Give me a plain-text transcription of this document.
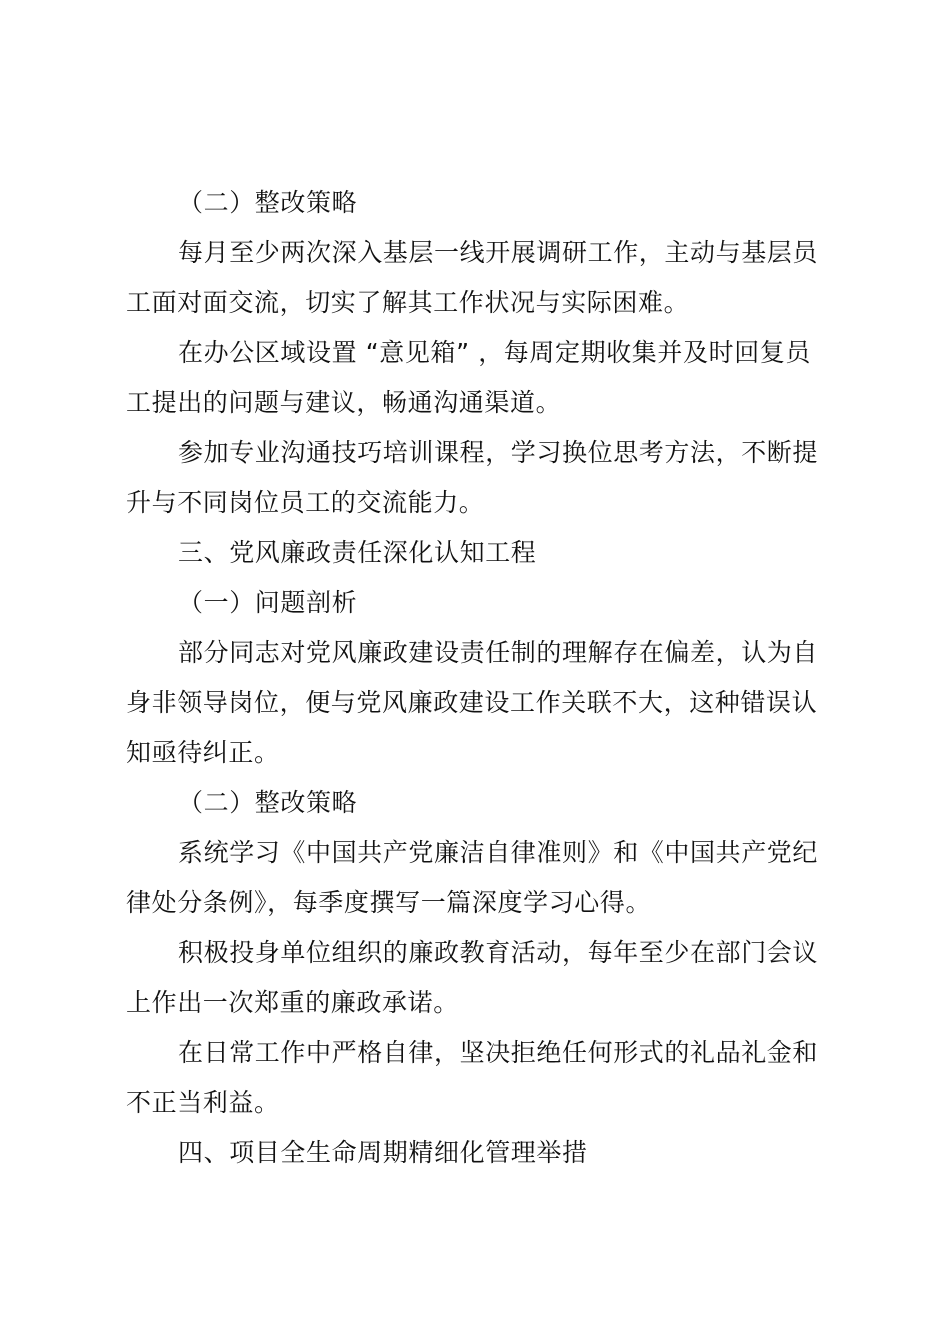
（二）整改策略
每月至少两次深入基层一线开展调研工作，主动与基层员
工面对面交流，切实了解其工作状况与实际困难。
在办公区域设置 “意见箱” ，每周定期收集并及时回复员
工提出的问题与建议，畅通沟通渠道。
参加专业沟通技巧培训课程，学习换位思考方法，不断提
升与不同岗位员工的交流能力。
三、党风廉政责任深化认知工程
（一）问题剖析
部分同志对党风廉政建设责任制的理解存在偏差，认为自
身非领导岗位，便与党风廉政建设工作关联不大，这种错误认
知亟待纠正。
（二）整改策略
系统学习《中国共产党廉洁自律准则》和《中国共产党纪
律处分条例》，每季度撰写一篇深度学习心得。
积极投身单位组织的廉政教育活动，每年至少在部门会议
上作出一次郑重的廉政承诺。
在日常工作中严格自律，坚决拒绝任何形式的礼品礼金和
不正当利益。
四、项目全生命周期精细化管理举措
